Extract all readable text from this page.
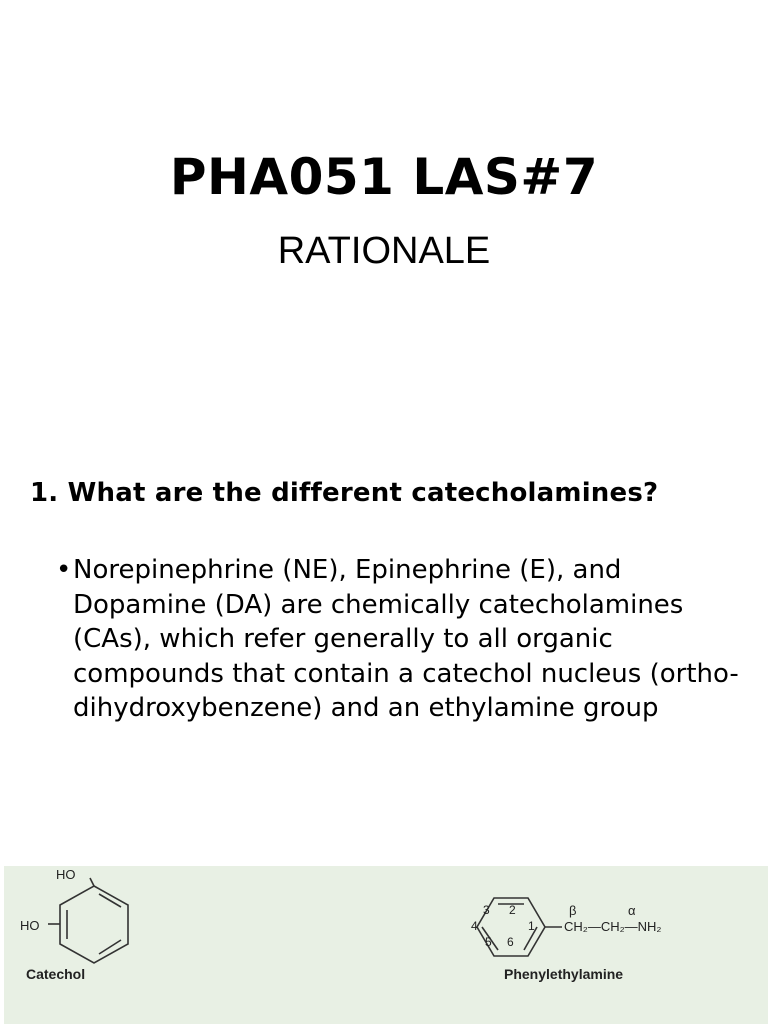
PHA051 LAS#7
RATIONALE
1. What are the different catecholamines?
• Norepinephrine (NE), Epinephrine (E), and Dopamine (DA) are chemically catecholamines (CAs), which refer generally to all organic compounds that contain a catechol nucleus (ortho-dihydroxybenzene) and an ethylamine group
HO
HO
Catechol
3 2
4	1
5 6
β	α
CH₂—CH₂—NH₂
Phenylethylamine
